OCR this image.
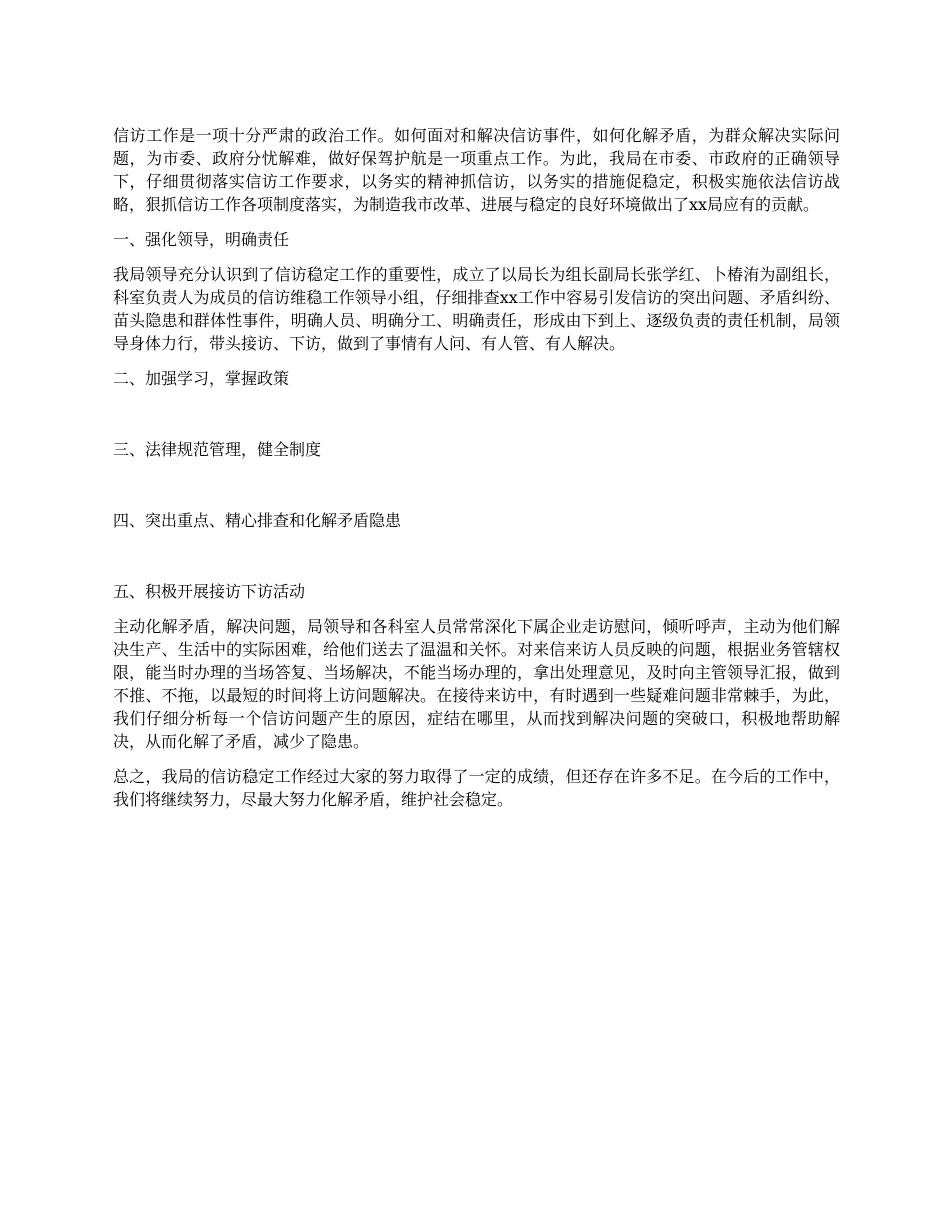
信访工作是一项十分严肃的政治工作。如何面对和解决信访事件，如何化解矛盾，为群众解决实际问题，为市委、政府分忧解难，做好保驾护航是一项重点工作。为此，我局在市委、市政府的正确领导下，仔细贯彻落实信访工作要求，以务实的精神抓信访，以务实的措施促稳定，积极实施依法信访战略，狠抓信访工作各项制度落实，为制造我市改革、进展与稳定的良好环境做出了xx局应有的贡献。

一、强化领导，明确责任

我局领导充分认识到了信访稳定工作的重要性，成立了以局长为组长副局长张学红、卜椿洧为副组长，科室负责人为成员的信访维稳工作领导小组，仔细排查xx工作中容易引发信访的突出问题、矛盾纠纷、苗头隐患和群体性事件，明确人员、明确分工、明确责任，形成由下到上、逐级负责的责任机制，局领导身体力行，带头接访、下访，做到了事情有人问、有人管、有人解决。

二、加强学习，掌握政策

三、法律规范管理，健全制度

四、突出重点、精心排查和化解矛盾隐患

五、积极开展接访下访活动

主动化解矛盾，解决问题，局领导和各科室人员常常深化下属企业走访慰问，倾听呼声，主动为他们解决生产、生活中的实际困难，给他们送去了温温和关怀。对来信来访人员反映的问题，根据业务管辖权限，能当时办理的当场答复、当场解决，不能当场办理的，拿出处理意见，及时向主管领导汇报，做到不推、不拖，以最短的时间将上访问题解决。在接待来访中，有时遇到一些疑难问题非常棘手，为此，我们仔细分析每一个信访问题产生的原因，症结在哪里，从而找到解决问题的突破口，积极地帮助解决，从而化解了矛盾，减少了隐患。

总之，我局的信访稳定工作经过大家的努力取得了一定的成绩，但还存在许多不足。在今后的工作中，我们将继续努力，尽最大努力化解矛盾，维护社会稳定。
